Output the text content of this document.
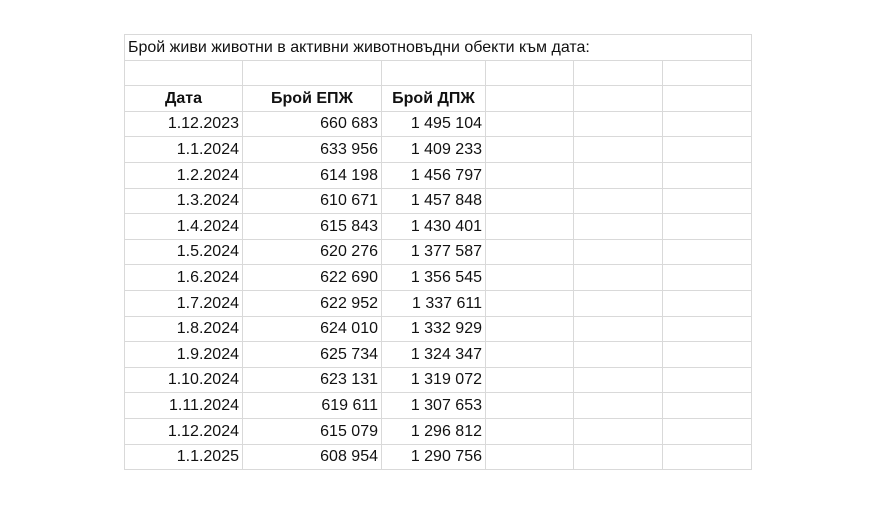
Брой живи животни в активни животновъдни обекти към дата:					

Дата	Брой ЕПЖ	Брой ДПЖ			
1.12.2023	660 683	1 495 104			
1.1.2024	633 956	1 409 233			
1.2.2024	614 198	1 456 797			
1.3.2024	610 671	1 457 848			
1.4.2024	615 843	1 430 401			
1.5.2024	620 276	1 377 587			
1.6.2024	622 690	1 356 545			
1.7.2024	622 952	1 337 611			
1.8.2024	624 010	1 332 929			
1.9.2024	625 734	1 324 347			
1.10.2024	623 131	1 319 072			
1.11.2024	619 611	1 307 653			
1.12.2024	615 079	1 296 812			
1.1.2025	608 954	1 290 756			
